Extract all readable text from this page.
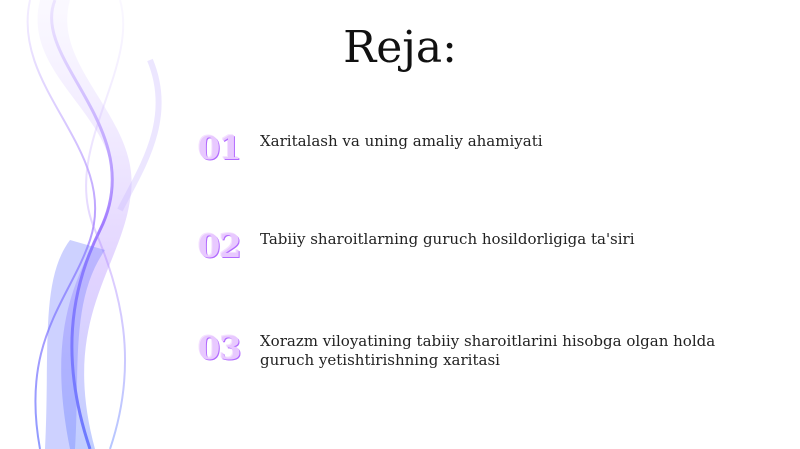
Reja:
01	Xaritalash va uning amaliy ahamiyati
02	Tabiiy sharoitlarning guruch hosildorligiga ta'siri
03	Xorazm viloyatining tabiiy sharoitlarini hisobga olgan holda guruch yetishtirishning xaritasi
